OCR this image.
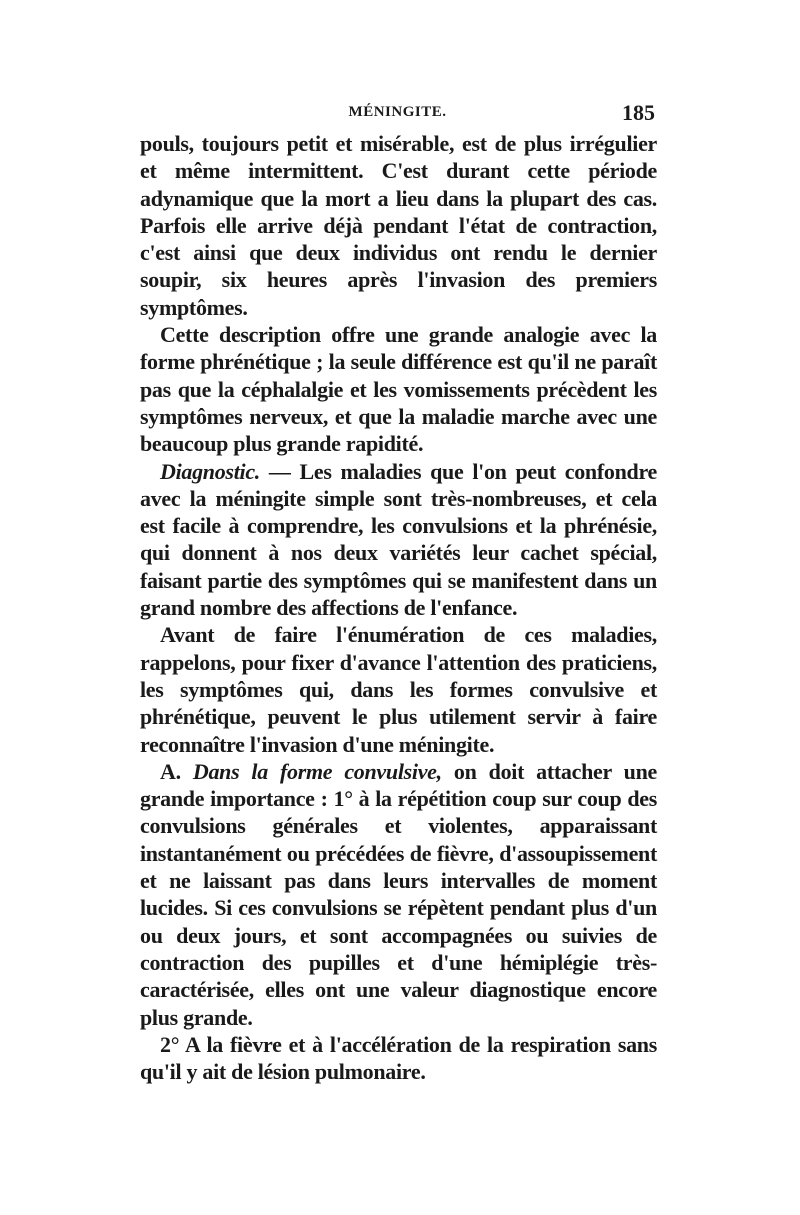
MÉNINGITE.	185

pouls, toujours petit et misérable, est de plus irrégulier et même intermittent. C'est durant cette période adynamique que la mort a lieu dans la plupart des cas. Parfois elle arrive déjà pendant l'état de contraction, c'est ainsi que deux individus ont rendu le dernier soupir, six heures après l'invasion des premiers symptômes.

Cette description offre une grande analogie avec la forme phrénétique ; la seule différence est qu'il ne paraît pas que la céphalalgie et les vomissements précèdent les symptômes nerveux, et que la maladie marche avec une beaucoup plus grande rapidité.

Diagnostic. — Les maladies que l'on peut confondre avec la méningite simple sont très-nombreuses, et cela est facile à comprendre, les convulsions et la phrénésie, qui donnent à nos deux variétés leur cachet spécial, faisant partie des symptômes qui se manifestent dans un grand nombre des affections de l'enfance.

Avant de faire l'énumération de ces maladies, rappelons, pour fixer d'avance l'attention des praticiens, les symptômes qui, dans les formes convulsive et phrénétique, peuvent le plus utilement servir à faire reconnaître l'invasion d'une méningite.

A. Dans la forme convulsive, on doit attacher une grande importance : 1° à la répétition coup sur coup des convulsions générales et violentes, apparaissant instantanément ou précédées de fièvre, d'assoupissement et ne laissant pas dans leurs intervalles de moment lucides. Si ces convulsions se répètent pendant plus d'un ou deux jours, et sont accompagnées ou suivies de contraction des pupilles et d'une hémiplégie très-caractérisée, elles ont une valeur diagnostique encore plus grande.

2° A la fièvre et à l'accélération de la respiration sans qu'il y ait de lésion pulmonaire.
